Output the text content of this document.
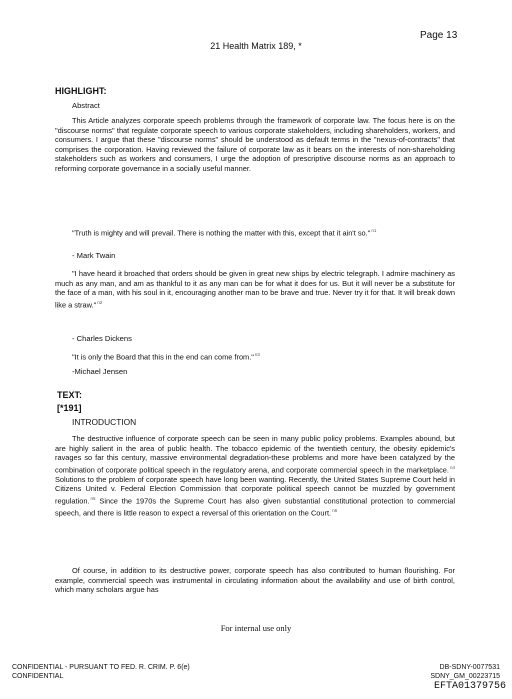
Page 13
21 Health Matrix 189, *
HIGHLIGHT:
Abstract

This Article analyzes corporate speech problems through the framework of corporate law. The focus here is on the "discourse norms" that regulate corporate speech to various corporate stakeholders, including shareholders, workers, and consumers. I argue that these "discourse norms" should be understood as default terms in the "nexus-of-contracts" that comprises the corporation. Having reviewed the failure of corporate law as it bears on the interests of non-shareholding stakeholders such as workers and consumers, I urge the adoption of prescriptive discourse norms as an approach to reforming corporate governance in a socially useful manner.

"Truth is mighty and will prevail. There is nothing the matter with this, except that it ain't so."$^{n1}$

- Mark Twain

"I have heard it broached that orders should be given in great new ships by electric telegraph. I admire machinery as much as any man, and am as thankful to it as any man can be for what it does for us. But it will never be a substitute for the face of a man, with his soul in it, encouraging another man to be brave and true. Never try it for that. It will break down like a straw."$^{n2}$

- Charles Dickens

"It is only the Board that this in the end can come from."$^{n3}$

-Michael Jensen
TEXT:
[*191]
INTRODUCTION

The destructive influence of corporate speech can be seen in many public policy problems. Examples abound, but are highly salient in the area of public health. The tobacco epidemic of the twentieth century, the obesity epidemic's ravages so far this century, massive environmental degradation-these problems and more have been catalyzed by the combination of corporate political speech in the regulatory arena, and corporate commercial speech in the marketplace.$^{n4}$ Solutions to the problem of corporate speech have long been wanting. Recently, the United States Supreme Court held in Citizens United v. Federal Election Commission that corporate political speech cannot be muzzled by government regulation.$^{n5}$ Since the 1970s the Supreme Court has also given substantial constitutional protection to commercial speech, and there is little reason to expect a reversal of this orientation on the Court.$^{n6}$

Of course, in addition to its destructive power, corporate speech has also contributed to human flourishing. For example, commercial speech was instrumental in circulating information about the availability and use of birth control, which many scholars argue has

For internal use only
CONFIDENTIAL - PURSUANT TO FED. R. CRIM. P. 6(e)
CONFIDENTIAL
DB-SDNY-0077531
SDNY_GM_00223715
EFTA01379756
